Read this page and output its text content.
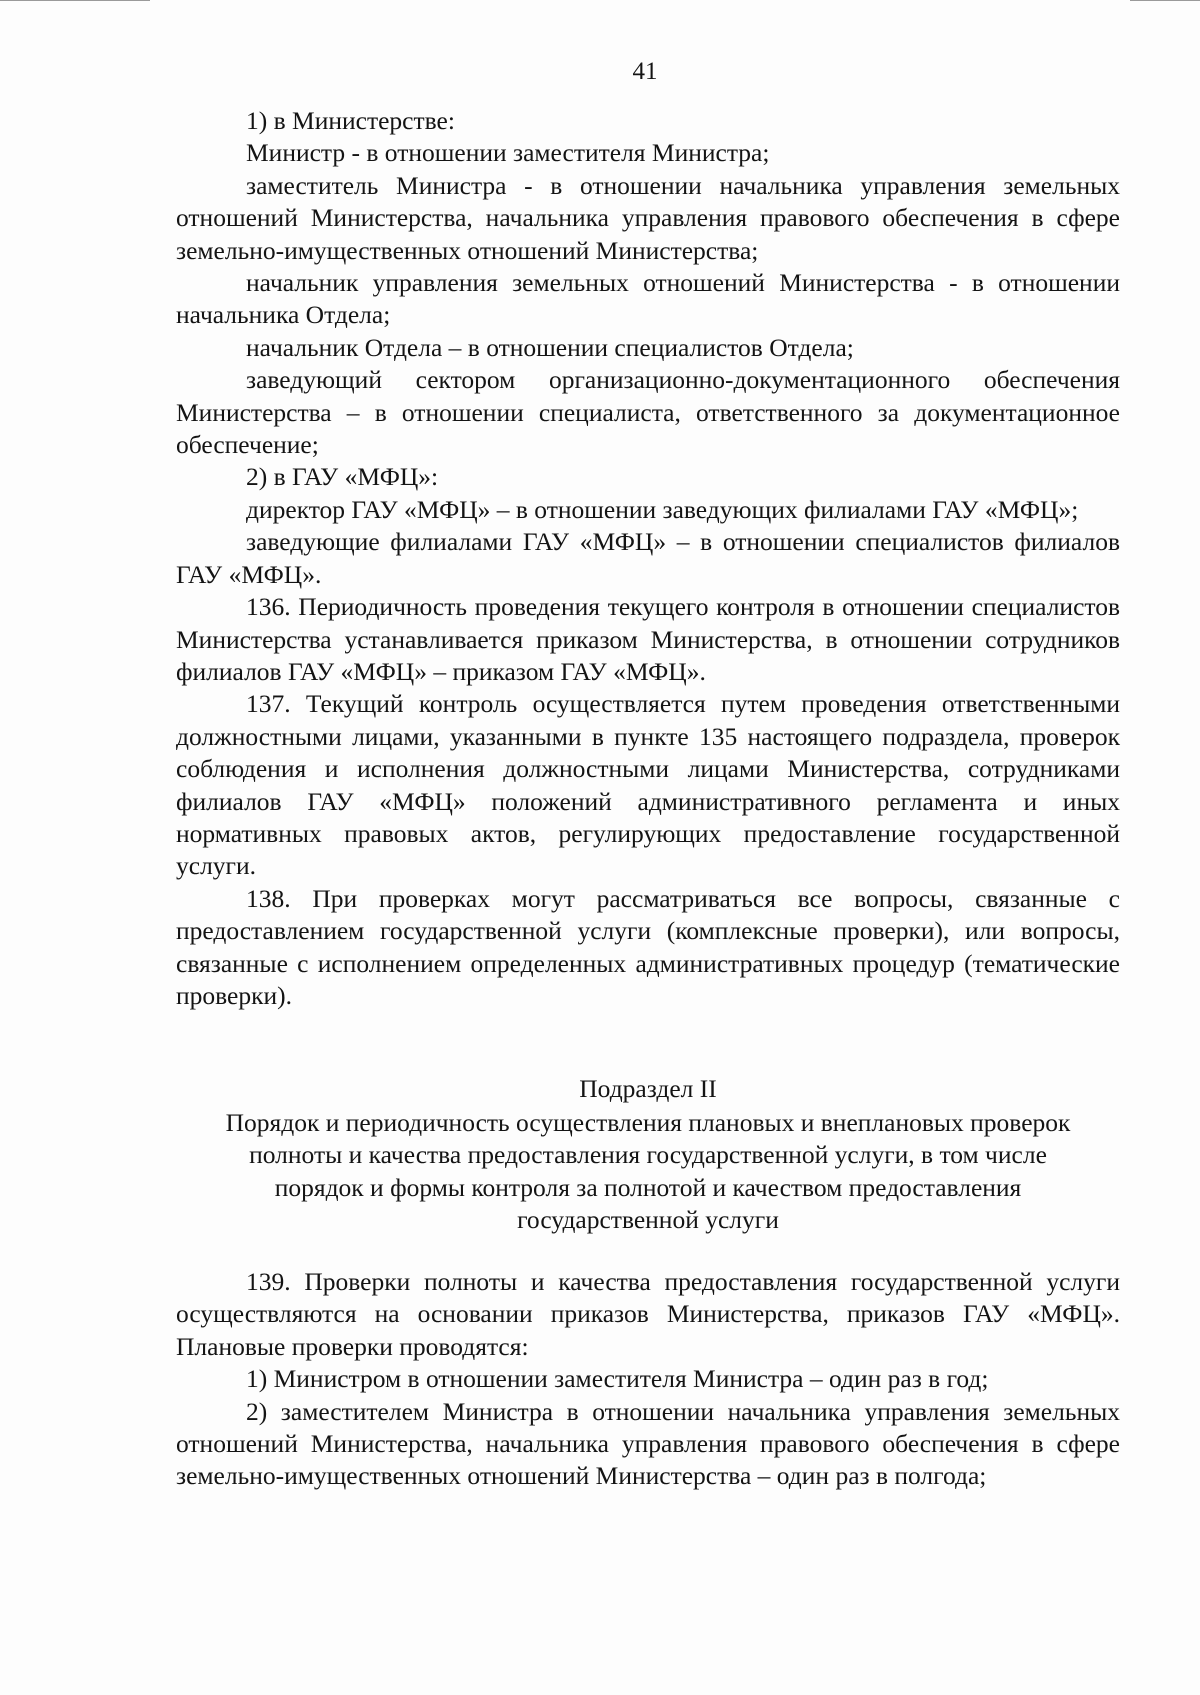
41

1) в Министерстве:

Министр - в отношении заместителя Министра;

заместитель Министра - в отношении начальника управления земельных отношений Министерства, начальника управления правового обеспечения в сфере земельно-имущественных отношений Министерства;

начальник управления земельных отношений Министерства - в отношении начальника Отдела;

начальник Отдела – в отношении специалистов Отдела;

заведующий сектором организационно-документационного обеспечения Министерства – в отношении специалиста, ответственного за документационное обеспечение;

2) в ГАУ «МФЦ»:

директор ГАУ «МФЦ» – в отношении заведующих филиалами ГАУ «МФЦ»;

заведующие филиалами ГАУ «МФЦ» – в отношении специалистов филиалов ГАУ «МФЦ».

136. Периодичность проведения текущего контроля в отношении специалистов Министерства устанавливается приказом Министерства, в отношении сотрудников филиалов ГАУ «МФЦ» – приказом ГАУ «МФЦ».

137. Текущий контроль осуществляется путем проведения ответственными должностными лицами, указанными в пункте 135 настоящего подраздела, проверок соблюдения и исполнения должностными лицами Министерства, сотрудниками филиалов ГАУ «МФЦ» положений административного регламента и иных нормативных правовых актов, регулирующих предоставление государственной услуги.

138. При проверках могут рассматриваться все вопросы, связанные с предоставлением государственной услуги (комплексные проверки), или вопросы, связанные с исполнением определенных административных процедур (тематические проверки).

Подраздел II

Порядок и периодичность осуществления плановых и внеплановых проверок

полноты и качества предоставления государственной услуги, в том числе

порядок и формы контроля за полнотой и качеством предоставления

государственной услуги

139. Проверки полноты и качества предоставления государственной услуги осуществляются на основании приказов Министерства, приказов ГАУ «МФЦ». Плановые проверки проводятся:

1) Министром в отношении заместителя Министра – один раз в год;

2) заместителем Министра в отношении начальника управления земельных отношений Министерства, начальника управления правового обеспечения в сфере земельно-имущественных отношений Министерства – один раз в полгода;
